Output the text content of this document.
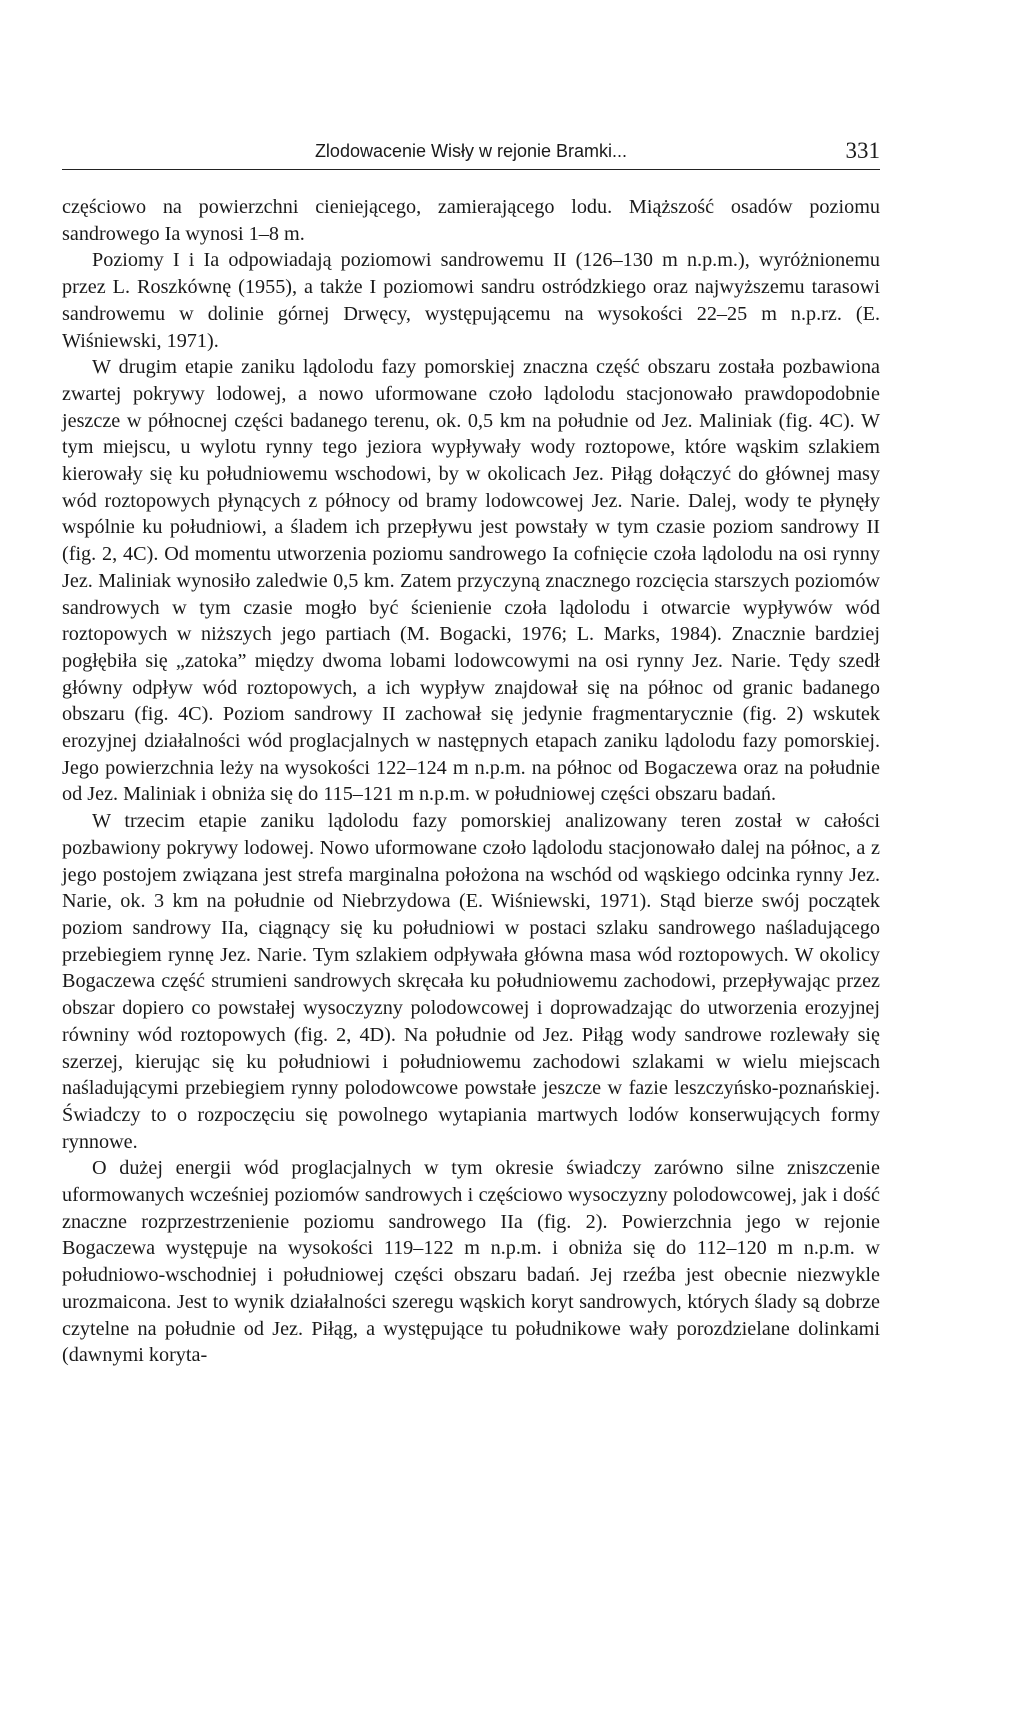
Zlodowacenie Wisły w rejonie Bramki...	331

częściowo na powierzchni cieniejącego, zamierającego lodu. Miąższość osadów poziomu sandrowego Ia wynosi 1–8 m.

Poziomy I i Ia odpowiadają poziomowi sandrowemu II (126–130 m n.p.m.), wyróżnionemu przez L. Roszkównę (1955), a także I poziomowi sandru ostródzkiego oraz najwyższemu tarasowi sandrowemu w dolinie górnej Drwęcy, występującemu na wysokości 22–25 m n.p.rz. (E. Wiśniewski, 1971).

W drugim etapie zaniku lądolodu fazy pomorskiej znaczna część obszaru została pozbawiona zwartej pokrywy lodowej, a nowo uformowane czoło lądolodu stacjonowało prawdopodobnie jeszcze w północnej części badanego terenu, ok. 0,5 km na południe od Jez. Maliniak (fig. 4C). W tym miejscu, u wylotu rynny tego jeziora wypływały wody roztopowe, które wąskim szlakiem kierowały się ku południowemu wschodowi, by w okolicach Jez. Piłąg dołączyć do głównej masy wód roztopowych płynących z północy od bramy lodowcowej Jez. Narie. Dalej, wody te płynęły wspólnie ku południowi, a śladem ich przepływu jest powstały w tym czasie poziom sandrowy II (fig. 2, 4C). Od momentu utworzenia poziomu sandrowego Ia cofnięcie czoła lądolodu na osi rynny Jez. Maliniak wynosiło zaledwie 0,5 km. Zatem przyczyną znacznego rozcięcia starszych poziomów sandrowych w tym czasie mogło być ścienienie czoła lądolodu i otwarcie wypływów wód roztopowych w niższych jego partiach (M. Bogacki, 1976; L. Marks, 1984). Znacznie bardziej pogłębiła się „zatoka” między dwoma lobami lodowcowymi na osi rynny Jez. Narie. Tędy szedł główny odpływ wód roztopowych, a ich wypływ znajdował się na północ od granic badanego obszaru (fig. 4C). Poziom sandrowy II zachował się jedynie fragmentarycznie (fig. 2) wskutek erozyjnej działalności wód proglacjalnych w następnych etapach zaniku lądolodu fazy pomorskiej. Jego powierzchnia leży na wysokości 122–124 m n.p.m. na północ od Bogaczewa oraz na południe od Jez. Maliniak i obniża się do 115–121 m n.p.m. w południowej części obszaru badań.

W trzecim etapie zaniku lądolodu fazy pomorskiej analizowany teren został w całości pozbawiony pokrywy lodowej. Nowo uformowane czoło lądolodu stacjonowało dalej na północ, a z jego postojem związana jest strefa marginalna położona na wschód od wąskiego odcinka rynny Jez. Narie, ok. 3 km na południe od Niebrzydowa (E. Wiśniewski, 1971). Stąd bierze swój początek poziom sandrowy IIa, ciągnący się ku południowi w postaci szlaku sandrowego naśladującego przebiegiem rynnę Jez. Narie. Tym szlakiem odpływała główna masa wód roztopowych. W okolicy Bogaczewa część strumieni sandrowych skręcała ku południowemu zachodowi, przepływając przez obszar dopiero co powstałej wysoczyzny polodowcowej i doprowadzając do utworzenia erozyjnej równiny wód roztopowych (fig. 2, 4D). Na południe od Jez. Piłąg wody sandrowe rozlewały się szerzej, kierując się ku południowi i południowemu zachodowi szlakami w wielu miejscach naśladującymi przebiegiem rynny polodowcowe powstałe jeszcze w fazie leszczyńsko-poznańskiej. Świadczy to o rozpoczęciu się powolnego wytapiania martwych lodów konserwujących formy rynnowe.

O dużej energii wód proglacjalnych w tym okresie świadczy zarówno silne zniszczenie uformowanych wcześniej poziomów sandrowych i częściowo wysoczyzny polodowcowej, jak i dość znaczne rozprzestrzenienie poziomu sandrowego IIa (fig. 2). Powierzchnia jego w rejonie Bogaczewa występuje na wysokości 119–122 m n.p.m. i obniża się do 112–120 m n.p.m. w południowo-wschodniej i południowej części obszaru badań. Jej rzeźba jest obecnie niezwykle urozmaicona. Jest to wynik działalności szeregu wąskich koryt sandrowych, których ślady są dobrze czytelne na południe od Jez. Piłąg, a występujące tu południkowe wały porozdzielane dolinkami (dawnymi koryta-
